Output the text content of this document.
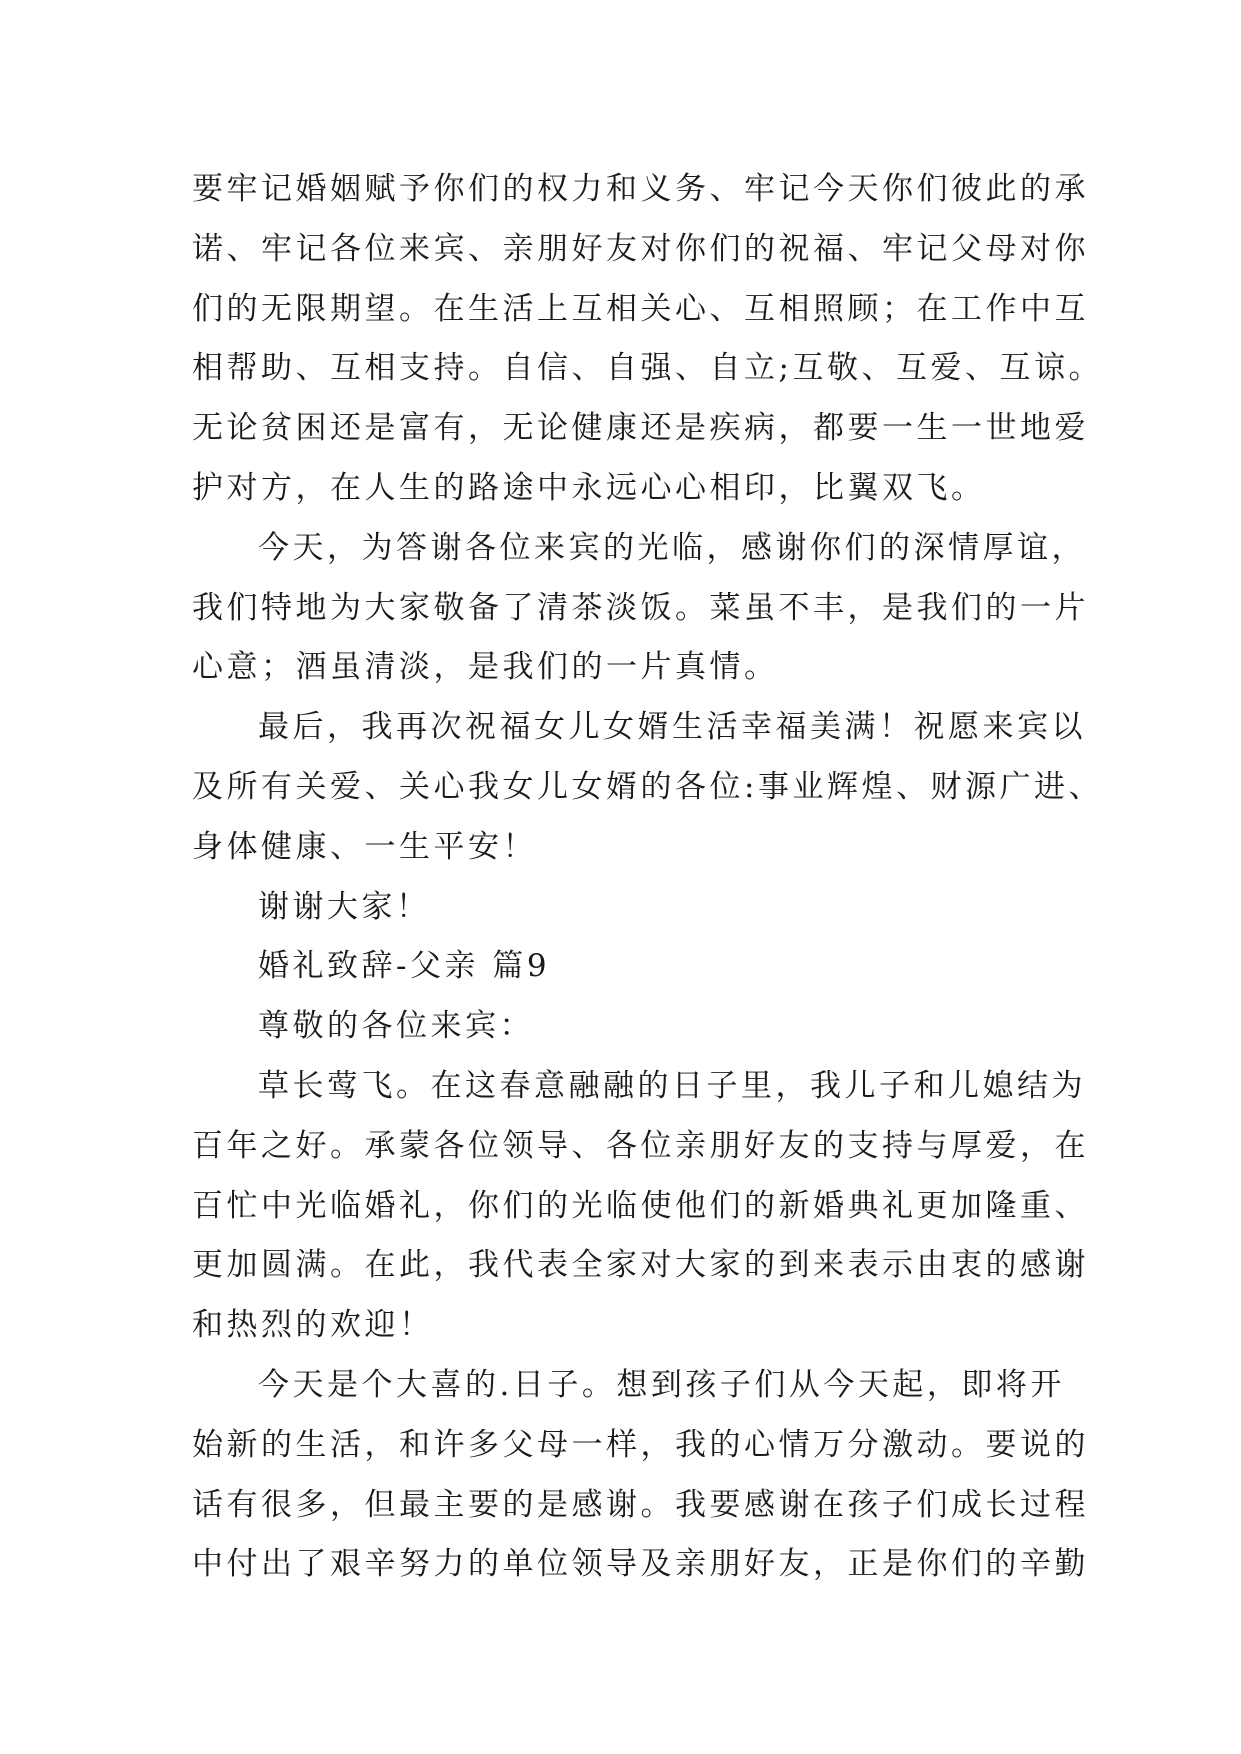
要牢记婚姻赋予你们的权力和义务、牢记今天你们彼此的承
诺、牢记各位来宾、亲朋好友对你们的祝福、牢记父母对你
们的无限期望。在生活上互相关心、互相照顾；在工作中互
相帮助、互相支持。自信、自强、自立;互敬、互爱、互谅。
无论贫困还是富有，无论健康还是疾病，都要一生一世地爱
护对方，在人生的路途中永远心心相印，比翼双飞。
今天，为答谢各位来宾的光临，感谢你们的深情厚谊，
我们特地为大家敬备了清茶淡饭。菜虽不丰，是我们的一片
心意；酒虽清淡，是我们的一片真情。
最后，我再次祝福女儿女婿生活幸福美满！祝愿来宾以
及所有关爱、关心我女儿女婿的各位:事业辉煌、财源广进、
身体健康、一生平安！
谢谢大家！
婚礼致辞-父亲 篇9
尊敬的各位来宾：
草长莺飞。在这春意融融的日子里，我儿子和儿媳结为
百年之好。承蒙各位领导、各位亲朋好友的支持与厚爱，在
百忙中光临婚礼，你们的光临使他们的新婚典礼更加隆重、
更加圆满。在此，我代表全家对大家的到来表示由衷的感谢
和热烈的欢迎！
今天是个大喜的.日子。想到孩子们从今天起，即将开
始新的生活，和许多父母一样，我的心情万分激动。要说的
话有很多，但最主要的是感谢。我要感谢在孩子们成长过程
中付出了艰辛努力的单位领导及亲朋好友，正是你们的辛勤
